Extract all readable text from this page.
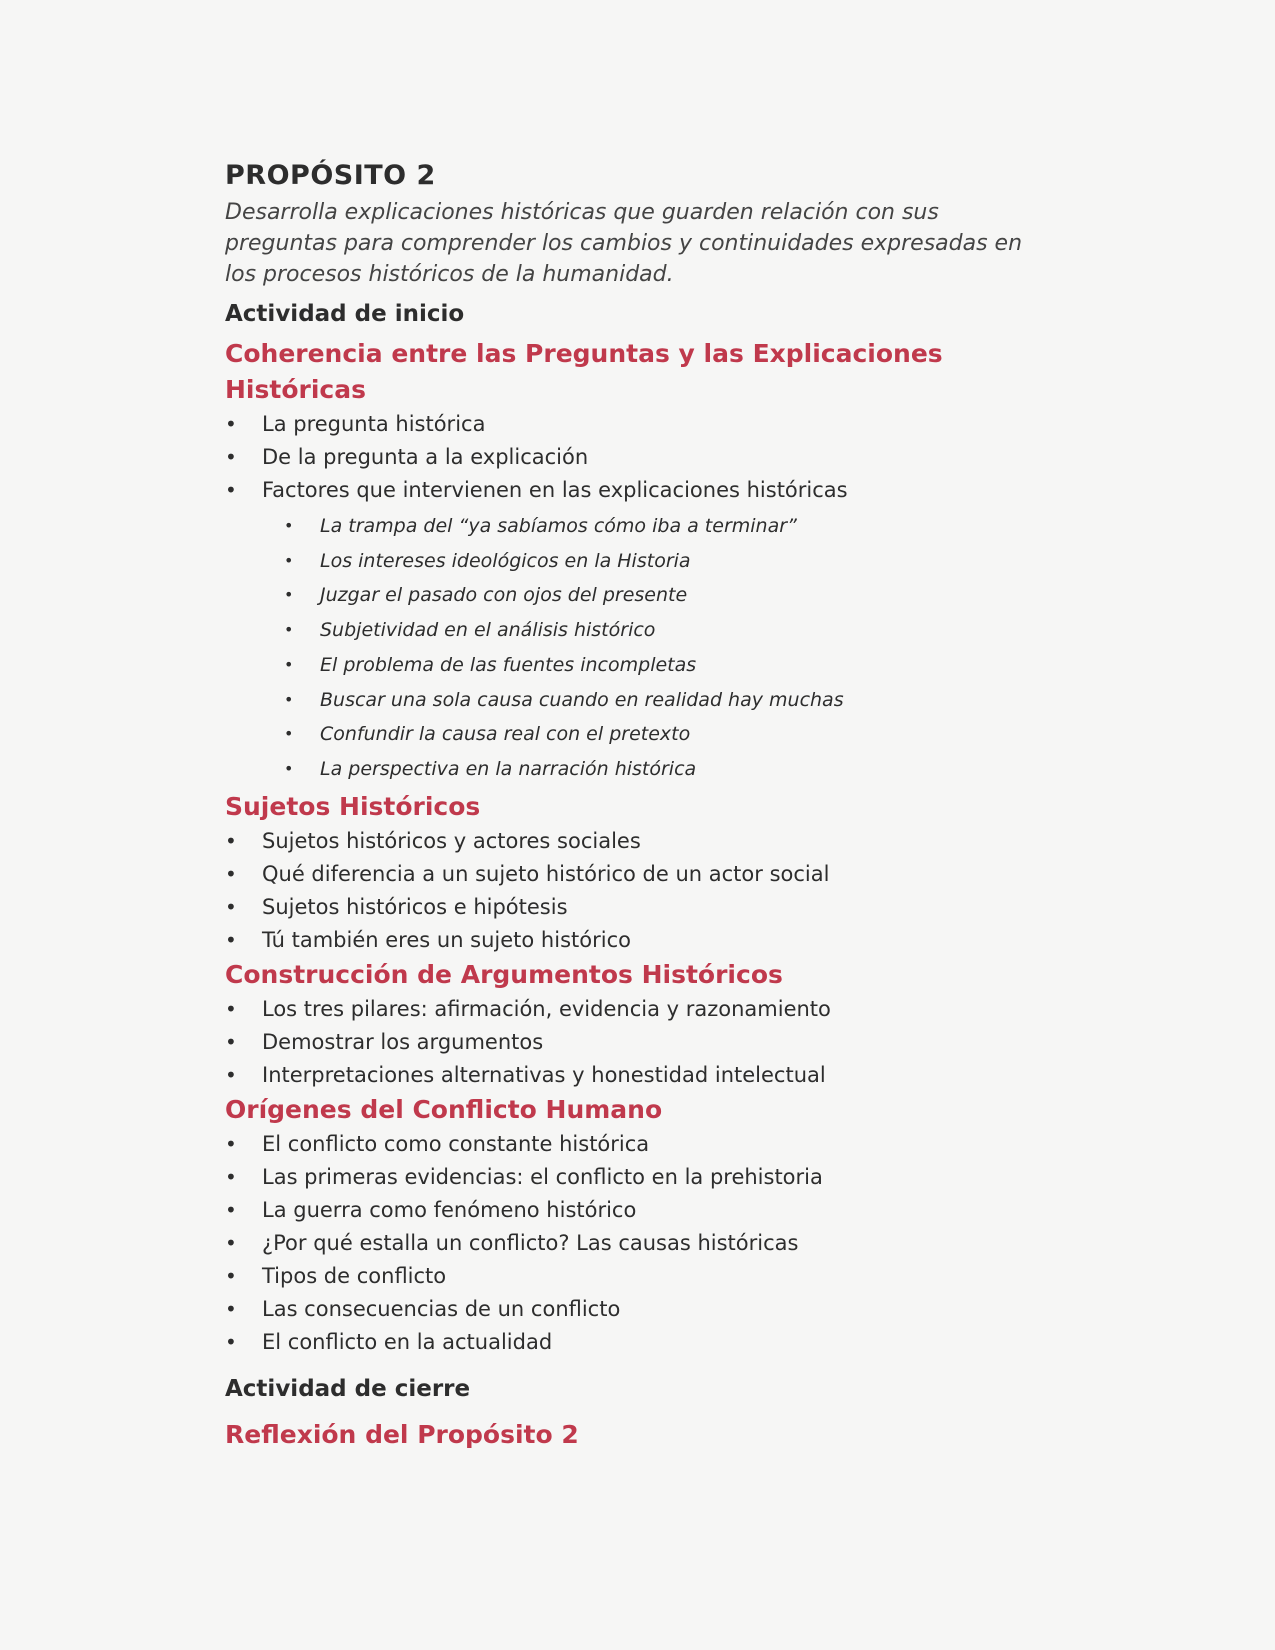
PROPÓSITO 2

Desarrolla explicaciones históricas que guarden relación con sus preguntas para comprender los cambios y continuidades expresadas en los procesos históricos de la humanidad.

Actividad de inicio
Coherencia entre las Preguntas y las Explicaciones Históricas
• La pregunta histórica
• De la pregunta a la explicación
• Factores que intervienen en las explicaciones históricas
• La trampa del “ya sabíamos cómo iba a terminar”
• Los intereses ideológicos en la Historia
• Juzgar el pasado con ojos del presente
• Subjetividad en el análisis histórico
• El problema de las fuentes incompletas
• Buscar una sola causa cuando en realidad hay muchas
• Confundir la causa real con el pretexto
• La perspectiva en la narración histórica
Sujetos Históricos
• Sujetos históricos y actores sociales
• Qué diferencia a un sujeto histórico de un actor social
• Sujetos históricos e hipótesis
• Tú también eres un sujeto histórico
Construcción de Argumentos Históricos
• Los tres pilares: afirmación, evidencia y razonamiento
• Demostrar los argumentos
• Interpretaciones alternativas y honestidad intelectual
Orígenes del Conflicto Humano
• El conflicto como constante histórica
• Las primeras evidencias: el conflicto en la prehistoria
• La guerra como fenómeno histórico
• ¿Por qué estalla un conflicto? Las causas históricas
• Tipos de conflicto
• Las consecuencias de un conflicto
• El conflicto en la actualidad
Actividad de cierre
Reflexión del Propósito 2
